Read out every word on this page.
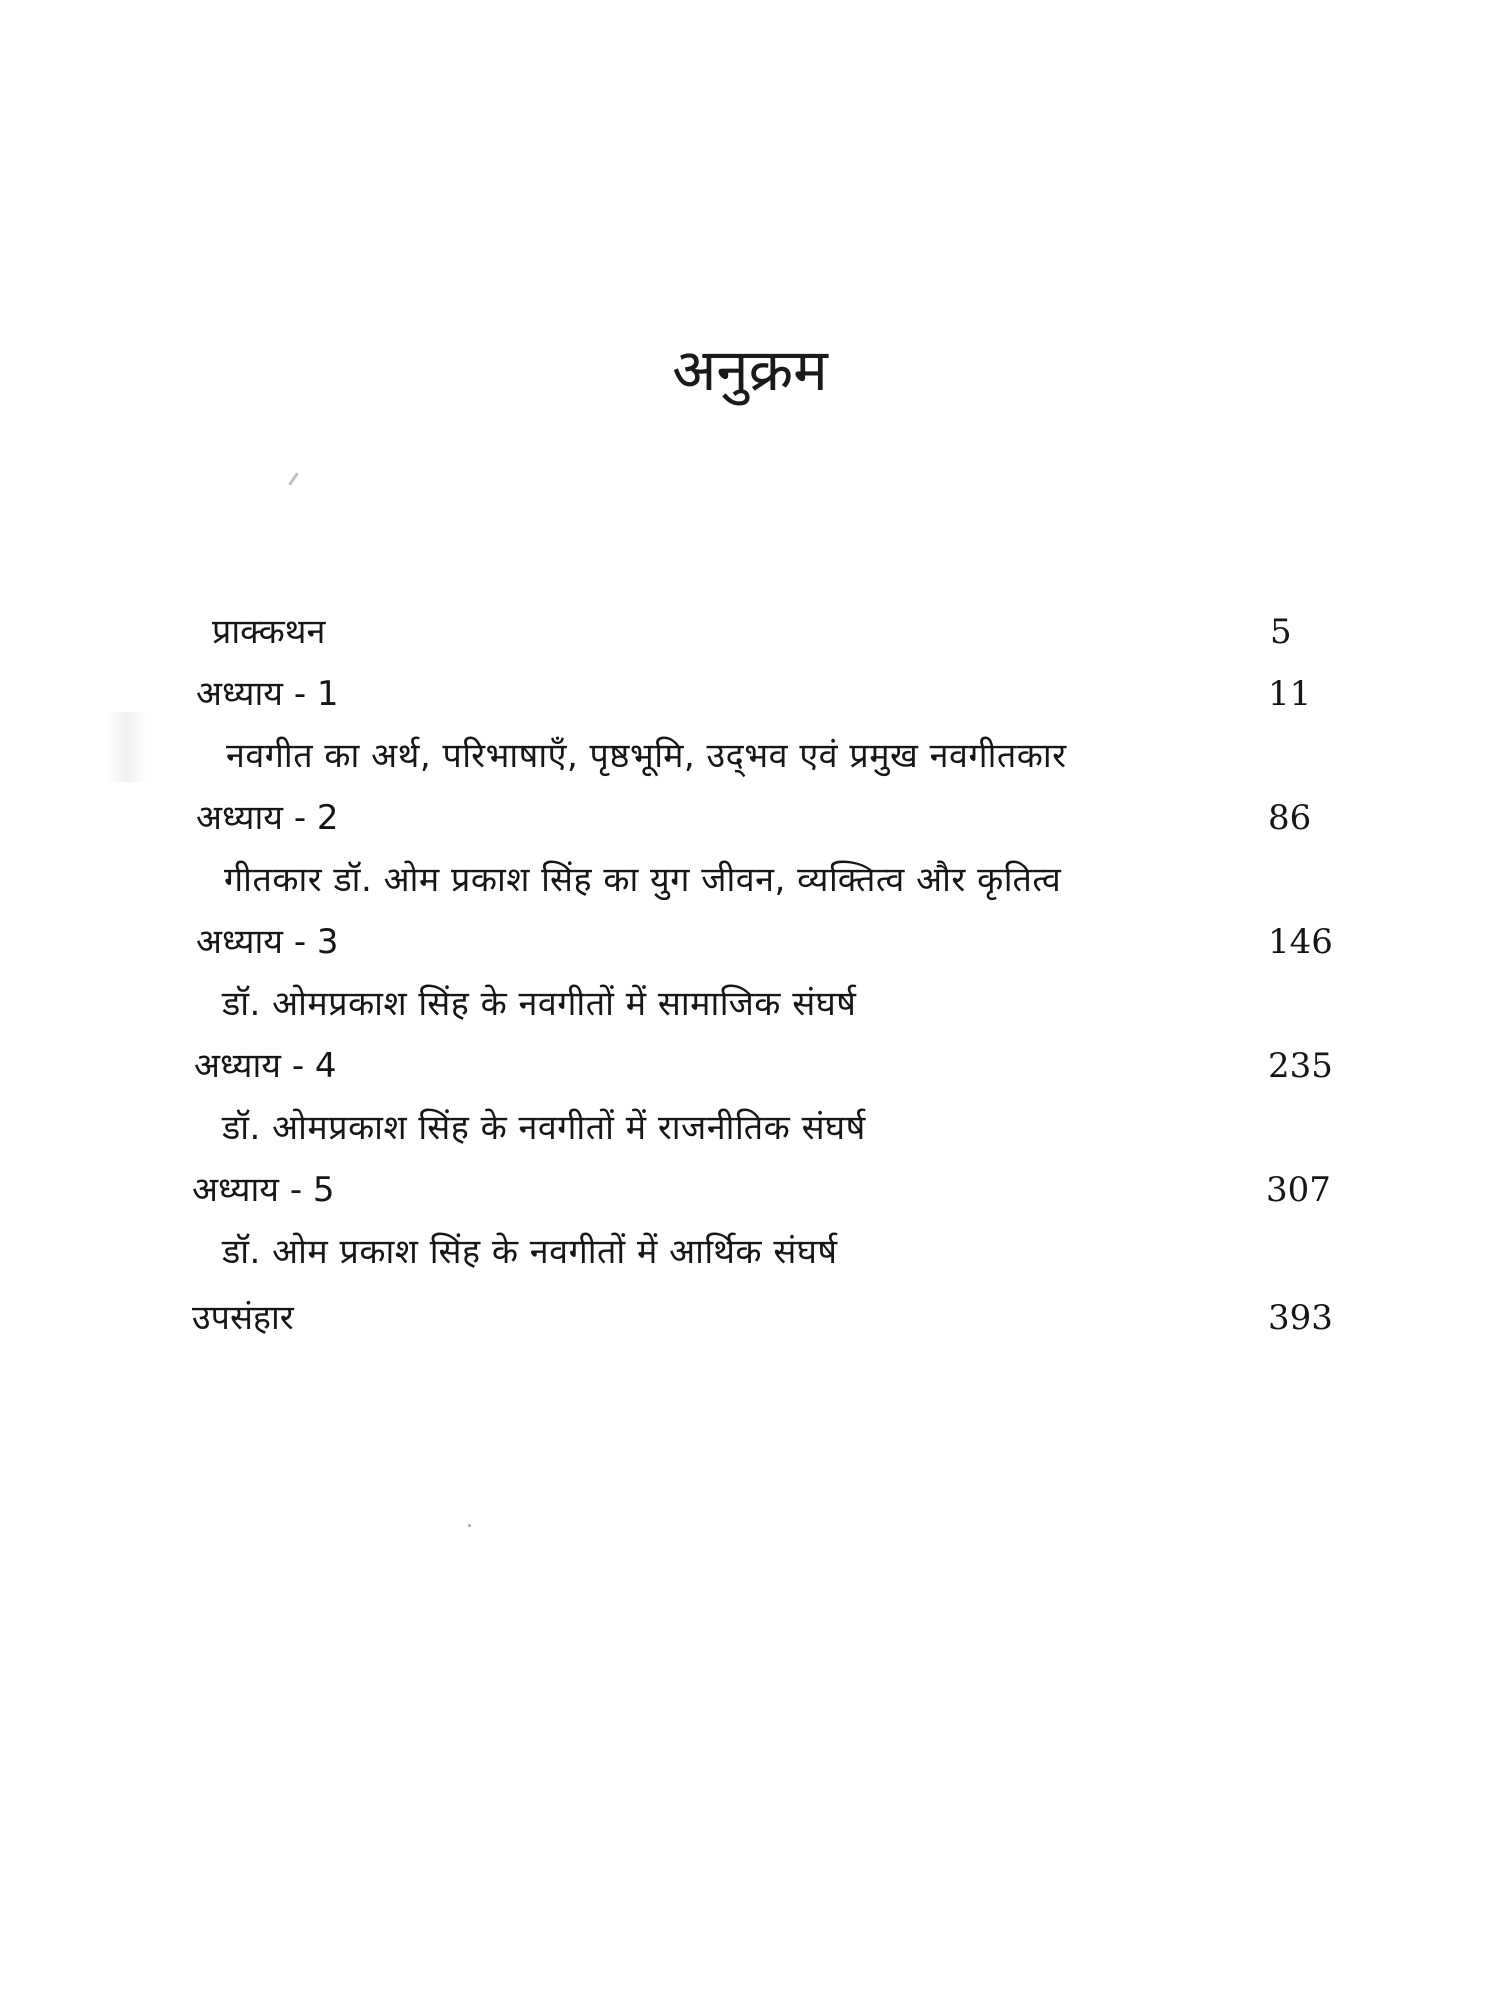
अनुक्रम
प्राक्कथन	5
अध्याय - 1	11
नवगीत का अर्थ, परिभाषाएँ, पृष्ठभूमि, उद्‌भव एवं प्रमुख नवगीतकार
अध्याय - 2	86
गीतकार डॉ. ओम प्रकाश सिंह का युग जीवन, व्यक्तित्व और कृतित्व
अध्याय - 3	146
डॉ. ओमप्रकाश सिंह के नवगीतों में सामाजिक संघर्ष
अध्याय - 4	235
डॉ. ओमप्रकाश सिंह के नवगीतों में राजनीतिक संघर्ष
अध्याय - 5	307
डॉ. ओम प्रकाश सिंह के नवगीतों में आर्थिक संघर्ष
उपसंहार	393
